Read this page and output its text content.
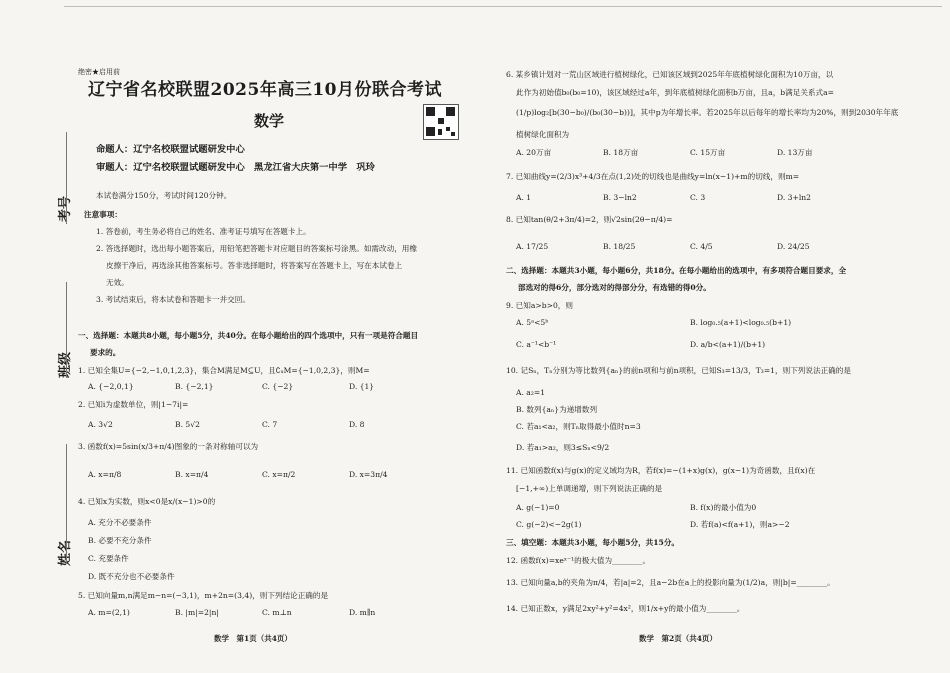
考号
班级
姓名
绝密★启用前
辽宁省名校联盟2025年高三10月份联合考试
数学
命题人：辽宁名校联盟试题研发中心
审题人：辽宁名校联盟试题研发中心　黑龙江省大庆第一中学　巩玲
本试卷满分150分，考试时间120分钟。
注意事项：
1. 答卷前，考生务必将自己的姓名、准考证号填写在答题卡上。
2. 答选择题时，选出每小题答案后，用铅笔把答题卡对应题目的答案标号涂黑。如需改动，用橡
皮擦干净后，再选涂其他答案标号。答非选择题时，将答案写在答题卡上，写在本试卷上
无效。
3. 考试结束后，将本试卷和答题卡一并交回。
一、选择题：本题共8小题，每小题5分，共40分。在每小题给出的四个选项中，只有一项是符合题目
要求的。
1. 已知全集U={−2,−1,0,1,2,3}，集合M满足M⊆U，且∁ᵤM={−1,0,2,3}，则M=
A. {−2,0,1}	B. {−2,1}	C. {−2}	D. {1}
2. 已知i为虚数单位，则|1−7i|=
A. 3√2	B. 5√2	C. 7	D. 8
3. 函数f(x)=5sin(x/3+π/4)图象的一条对称轴可以为
A. x=π/8	B. x=π/4	C. x=π/2	D. x=3π/4
4. 已知x为实数，则x<0是x/(x−1)>0的
A. 充分不必要条件
B. 必要不充分条件
C. 充要条件
D. 既不充分也不必要条件
5. 已知向量m,n满足m−n=(−3,1)，m+2n=(3,4)，则下列结论正确的是
A. m=(2,1)	B. |m|=2|n|	C. m⊥n	D. m∥n
数学　第1页（共4页）
6. 某乡镇计划对一荒山区域进行植树绿化，已知该区域到2025年年底植树绿化面积为10万亩，以
此作为初始值b₀(b₀=10)，该区域经过a年，到年底植树绿化面积b万亩，且a，b满足关系式a=
(1/p)log₂[b(30−b₀)/(b₀(30−b))]，其中p为年增长率。若2025年以后每年的增长率均为20%，则到2030年年底
植树绿化面积为
A. 20万亩	B. 18万亩	C. 15万亩	D. 13万亩
7. 已知曲线y=(2/3)x³+4/3在点(1,2)处的切线也是曲线y=ln(x−1)+m的切线，则m=
A. 1	B. 3−ln2	C. 3	D. 3+ln2
8. 已知tan(θ/2+3π/4)=2，则√2sin(2θ−π/4)=
A. 17/25	B. 18/25	C. 4/5	D. 24/25
二、选择题：本题共3小题，每小题6分，共18分。在每小题给出的选项中，有多项符合题目要求，全
部选对的得6分，部分选对的得部分分，有选错的得0分。
9. 已知a>b>0，则
A. 5ᵃ<5ᵇ	B. log₀.₅(a+1)<log₀.₅(b+1)
C. a⁻¹<b⁻¹	D. a/b<(a+1)/(b+1)
10. 记Sₙ，Tₙ分别为等比数列{aₙ}的前n项和与前n项积，已知S₃=13/3，T₃=1，则下列说法正确的是
A. a₂=1
B. 数列{aₙ}为递增数列
C. 若a₁<a₂，则Tₙ取得最小值时n=3
D. 若a₁>a₂，则3≤Sₙ<9/2
11. 已知函数f(x)与g(x)的定义域均为R，若f(x)=−(1+x)g(x)，g(x−1)为奇函数，且f(x)在
[−1,+∞)上单调递增，则下列说法正确的是
A. g(−1)=0	B. f(x)的最小值为0
C. g(−2)<−2g(1)	D. 若f(a)<f(a+1)，则a>−2
三、填空题：本题共3小题，每小题5分，共15分。
12. 函数f(x)=xeˣ⁻¹的极大值为________。
13. 已知向量a,b的夹角为π/4，若|a|=2，且a−2b在a上的投影向量为(1/2)a，则|b|=________。
14. 已知正数x，y满足2xy²+y²=4x²，则1/x+y的最小值为________。
数学　第2页（共4页）
